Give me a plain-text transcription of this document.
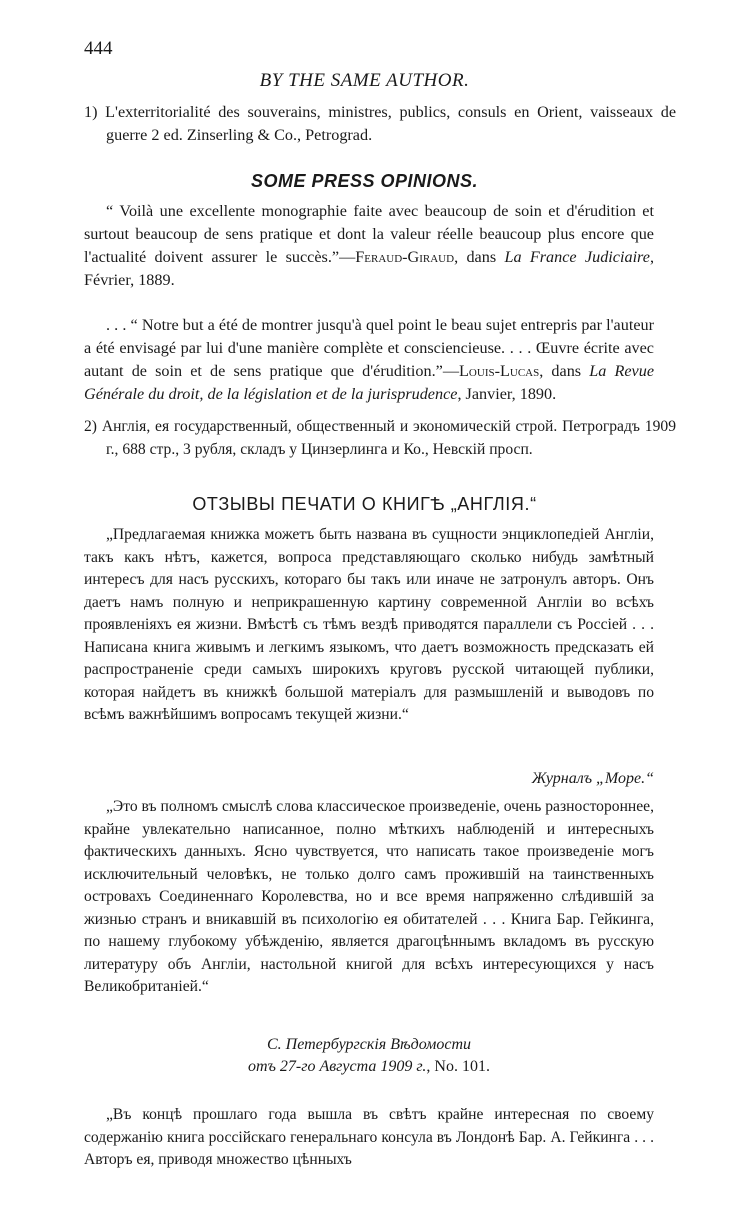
444
BY THE SAME AUTHOR.
1) L'exterritorialité des souverains, ministres, publics, consuls en Orient, vaisseaux de guerre 2 ed. Zinserling & Co., Petrograd.
SOME PRESS OPINIONS.
“ Voilà une excellente monographie faite avec beaucoup de soin et d'érudition et surtout beaucoup de sens pratique et dont la valeur réelle beaucoup plus encore que l'actualité doivent assurer le succès.”—Feraud-Giraud, dans La France Judiciaire, Février, 1889.
. . . “ Notre but a été de montrer jusqu'à quel point le beau sujet entrepris par l'auteur a été envisagé par lui d'une manière complète et consciencieuse. . . . Œuvre écrite avec autant de soin et de sens pratique que d'érudition.”—Louis-Lucas, dans La Revue Générale du droit, de la législation et de la jurisprudence, Janvier, 1890.
2) Англія, ея государственный, общественный и экономическій строй. Петроградъ 1909 г., 688 стр., 3 рубля, складъ у Цинзерлинга и Ко., Невскій просп.
ОТЗЫВЫ ПЕЧАТИ О КНИГѢ „АНГЛІЯ.“
„Предлагаемая книжка можетъ быть названа въ сущности энциклопедіей Англіи, такъ какъ нѣтъ, кажется, вопроса представляющаго сколько нибудь замѣтный интересъ для насъ русскихъ, котораго бы такъ или иначе не затронулъ авторъ. Онъ даетъ намъ полную и неприкрашенную картину современной Англіи во всѣхъ проявленіяхъ ея жизни. Вмѣстѣ съ тѣмъ вездѣ приводятся параллели съ Россіей . . . Написана книга живымъ и легкимъ языкомъ, что даетъ возможность предсказать ей распространеніе среди самыхъ широкихъ круговъ русской читающей публики, которая найдетъ въ книжкѣ большой матеріалъ для размышленій и выводовъ по всѣмъ важнѣйшимъ вопросамъ текущей жизни.“
Журналъ „Море.“
„Это въ полномъ смыслѣ слова классическое произведеніе, очень разностороннее, крайне увлекательно написанное, полно мѣткихъ наблюденій и интересныхъ фактическихъ данныхъ. Ясно чувствуется, что написать такое произведеніе могъ исключительный человѣкъ, не только долго самъ прожившій на таинственныхъ островахъ Соединеннаго Королевства, но и все время напряженно слѣдившій за жизнью странъ и вникавшій въ психологію ея обитателей . . . Книга Бар. Гейкинга, по нашему глубокому убѣжденію, является драгоцѣннымъ вкладомъ въ русскую литературу объ Англіи, настольной книгой для всѣхъ интересующихся у насъ Великобританіей.“
С. Петербургскія Вѣдомости
отъ 27-го Августа 1909 г., No. 101.
„Въ концѣ прошлаго года вышла въ свѣтъ крайне интересная по своему содержанію книга россійскаго генеральнаго консула въ Лондонѣ Бар. А. Гейкинга . . . Авторъ ея, приводя множество цѣнныхъ
